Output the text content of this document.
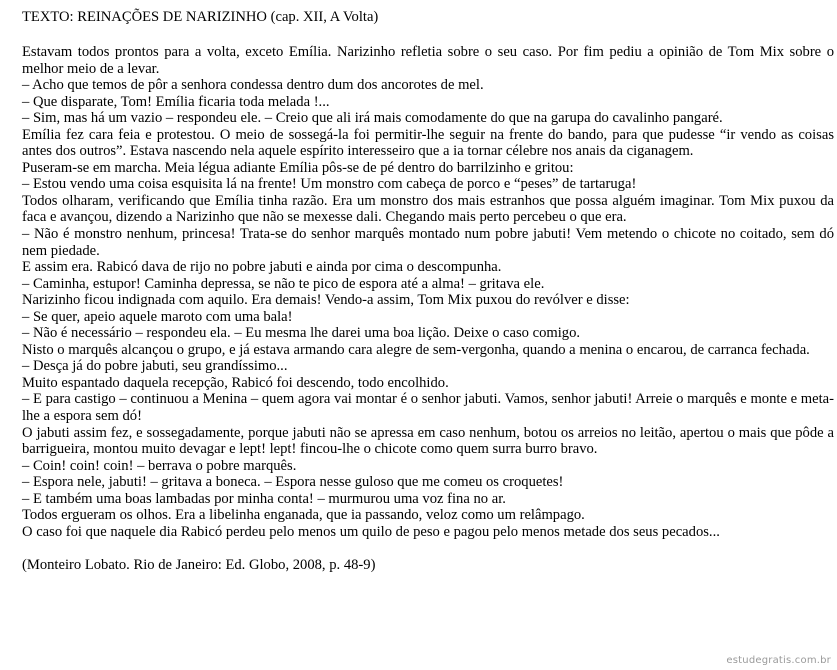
TEXTO: REINAÇÕES DE NARIZINHO (cap. XII, A Volta)

Estavam todos prontos para a volta, exceto Emília. Narizinho refletia sobre o seu caso. Por fim pediu a opinião de Tom Mix sobre o melhor meio de a levar.

– Acho que temos de pôr a senhora condessa dentro dum dos ancorotes de mel.

– Que disparate, Tom! Emília ficaria toda melada !...

– Sim, mas há um vazio – respondeu ele. – Creio que ali irá mais comodamente do que na garupa do cavalinho pangaré.

Emília fez cara feia e protestou. O meio de sossegá-la foi permitir-lhe seguir na frente do bando, para que pudesse “ir vendo as coisas antes dos outros”. Estava nascendo nela aquele espírito interesseiro que a ia tornar célebre nos anais da ciganagem.

Puseram-se em marcha. Meia légua adiante Emília pôs-se de pé dentro do barrilzinho e gritou:

– Estou vendo uma coisa esquisita lá na frente! Um monstro com cabeça de porco e “peses” de tartaruga!

Todos olharam, verificando que Emília tinha razão. Era um monstro dos mais estranhos que possa alguém imaginar. Tom Mix puxou da faca e avançou, dizendo a Narizinho que não se mexesse dali. Chegando mais perto percebeu o que era.

– Não é monstro nenhum, princesa! Trata-se do senhor marquês montado num pobre jabuti! Vem metendo o chicote no coitado, sem dó nem piedade.

E assim era. Rabicó dava de rijo no pobre jabuti e ainda por cima o descompunha.

– Caminha, estupor! Caminha depressa, se não te pico de espora até a alma! – gritava ele.

Narizinho ficou indignada com aquilo. Era demais! Vendo-a assim, Tom Mix puxou do revólver e disse:

– Se quer, apeio aquele maroto com uma bala!

– Não é necessário – respondeu ela. – Eu mesma lhe darei uma boa lição. Deixe o caso comigo.

Nisto o marquês alcançou o grupo, e já estava armando cara alegre de sem-vergonha, quando a menina o encarou, de carranca fechada.

– Desça já do pobre jabuti, seu grandíssimo...

Muito espantado daquela recepção, Rabicó foi descendo, todo encolhido.

– E para castigo – continuou a Menina – quem agora vai montar é o senhor jabuti. Vamos, senhor jabuti! Arreie o marquês e monte e meta-lhe a espora sem dó!

O jabuti assim fez, e sossegadamente, porque jabuti não se apressa em caso nenhum, botou os arreios no leitão, apertou o mais que pôde a barrigueira, montou muito devagar e lept! lept! fincou-lhe o chicote como quem surra burro bravo.

– Coin! coin! coin! – berrava o pobre marquês.

– Espora nele, jabuti! – gritava a boneca. – Espora nesse guloso que me comeu os croquetes!

– E também uma boas lambadas por minha conta! – murmurou uma voz fina no ar.

Todos ergueram os olhos. Era a libelinha enganada, que ia passando, veloz como um relâmpago.

O caso foi que naquele dia Rabicó perdeu pelo menos um quilo de peso e pagou pelo menos metade dos seus pecados...

(Monteiro Lobato. Rio de Janeiro: Ed. Globo, 2008, p. 48-9)
estudegratis.com.br
